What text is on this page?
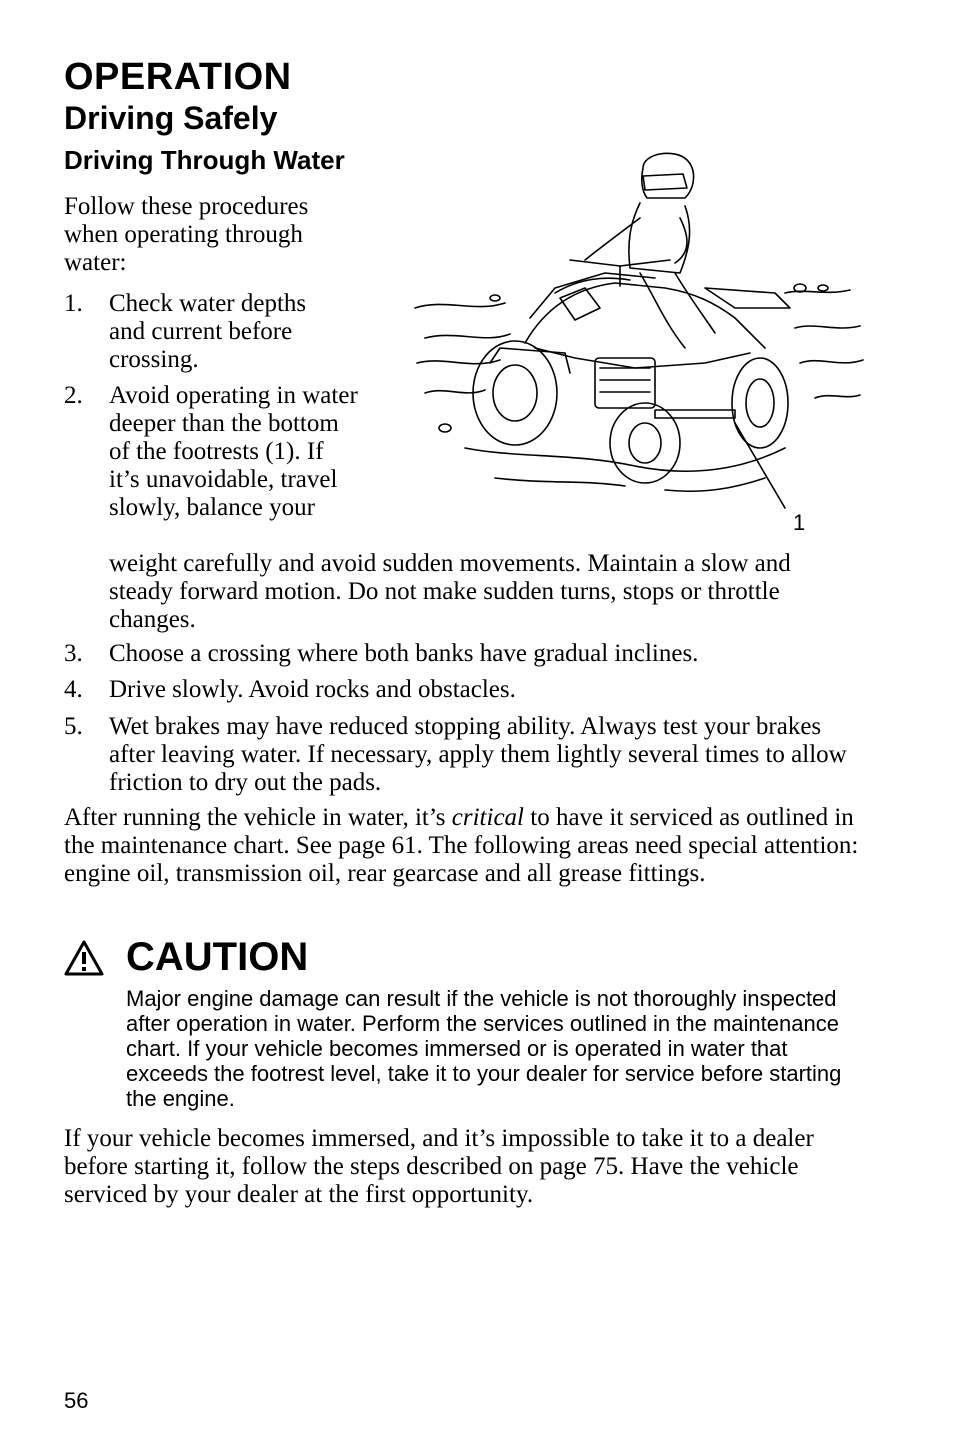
OPERATION
Driving Safely
Driving Through Water
Follow these procedures when operating through water:
1. Check water depths and current before crossing.
2. Avoid operating in water deeper than the bottom of the footrests (1). If it’s unavoidable, travel slowly, balance your
weight carefully and avoid sudden movements. Maintain a slow and steady forward motion. Do not make sudden turns, stops or throttle changes.
3. Choose a crossing where both banks have gradual inclines.
4. Drive slowly. Avoid rocks and obstacles.
5. Wet brakes may have reduced stopping ability. Always test your brakes after leaving water. If necessary, apply them lightly several times to allow friction to dry out the pads.
1
After running the vehicle in water, it’s critical to have it serviced as outlined in the maintenance chart. See page 61. The following areas need special attention: engine oil, transmission oil, rear gearcase and all grease fittings.
CAUTION
Major engine damage can result if the vehicle is not thoroughly inspected after operation in water. Perform the services outlined in the maintenance chart. If your vehicle becomes immersed or is operated in water that exceeds the footrest level, take it to your dealer for service before starting the engine.
If your vehicle becomes immersed, and it’s impossible to take it to a dealer before starting it, follow the steps described on page 75. Have the vehicle serviced by your dealer at the first opportunity.
56
